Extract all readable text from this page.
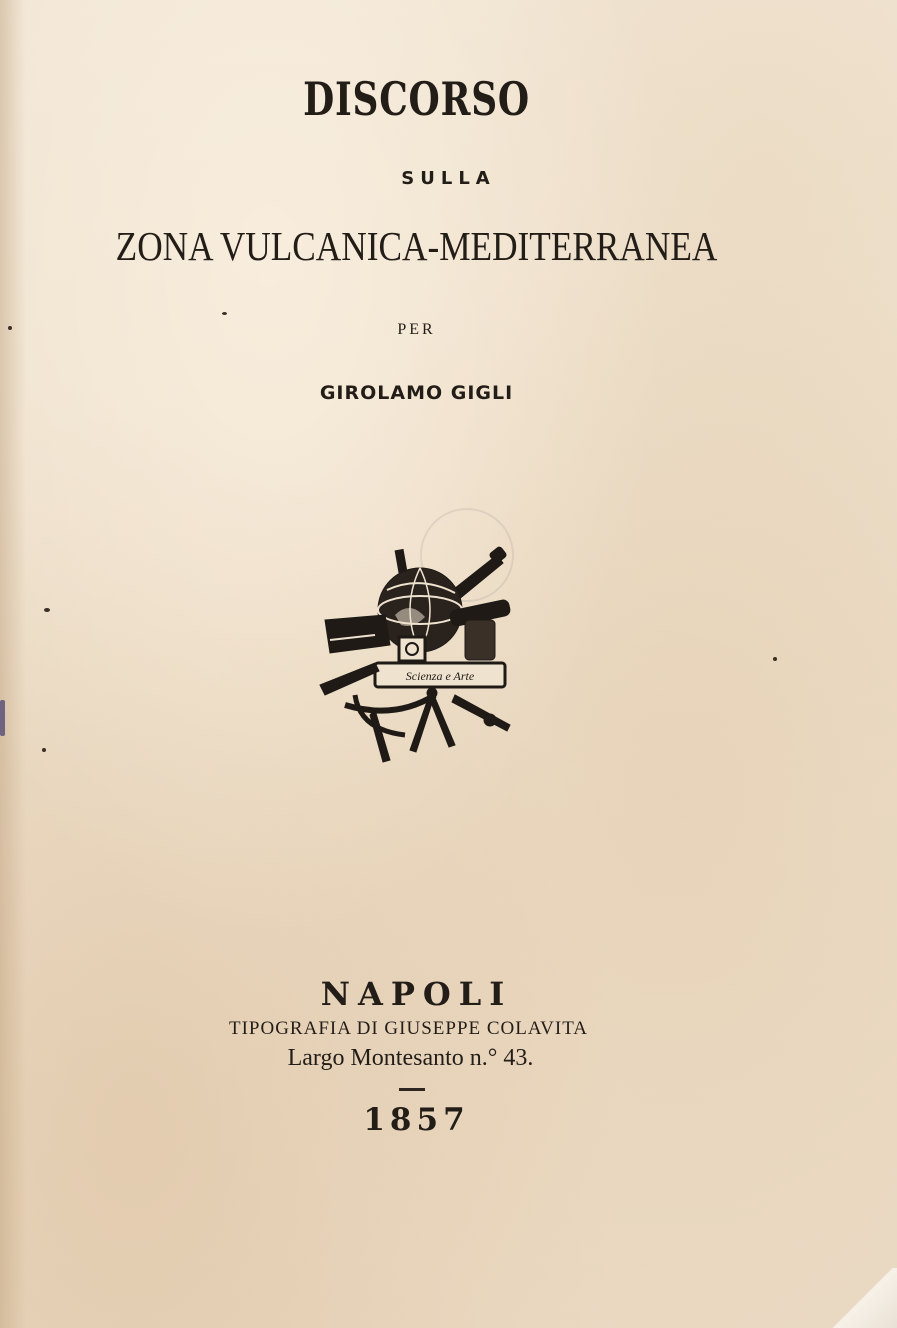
DISCORSO
SULLA
ZONA VULCANICA-MEDITERRANEA
PER
GIROLAMO GIGLI
Scienza e Arte
NAPOLI
TIPOGRAFIA DI GIUSEPPE COLAVITA
Largo Montesanto n.° 43.
1857
